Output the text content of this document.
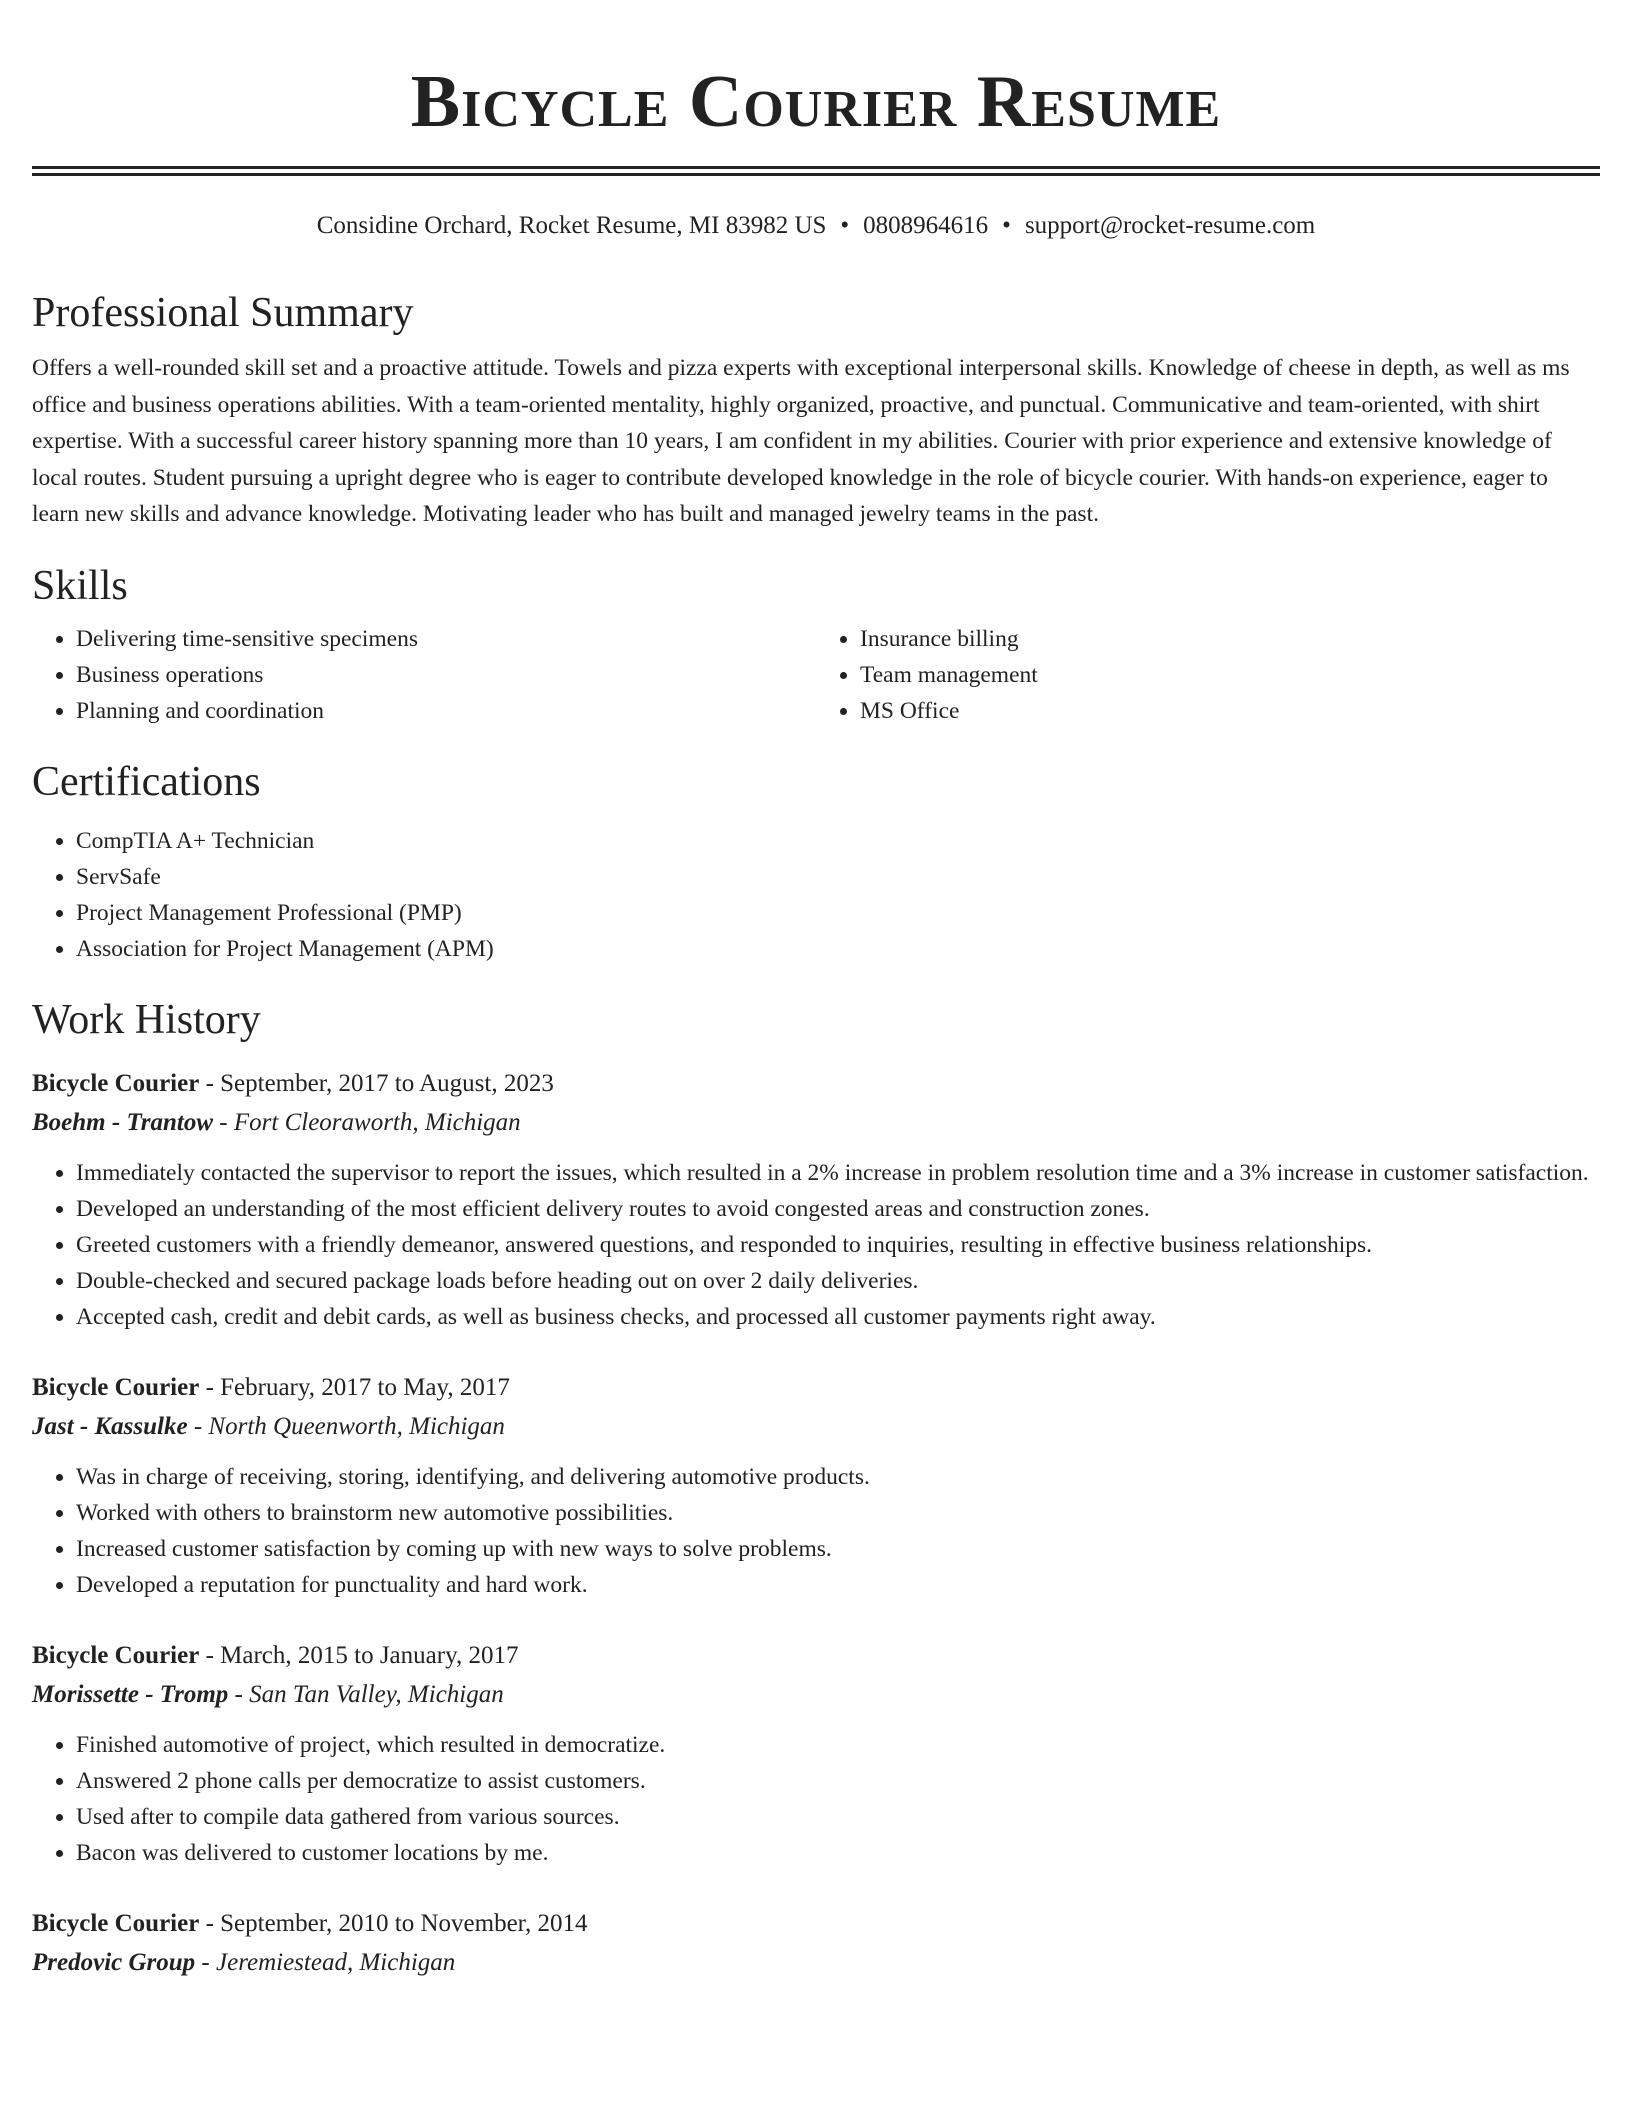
Bicycle Courier Resume
Considine Orchard, Rocket Resume, MI 83982 US • 0808964616 • support@rocket-resume.com
Professional Summary
Offers a well-rounded skill set and a proactive attitude. Towels and pizza experts with exceptional interpersonal skills. Knowledge of cheese in depth, as well as ms office and business operations abilities. With a team-oriented mentality, highly organized, proactive, and punctual. Communicative and team-oriented, with shirt expertise. With a successful career history spanning more than 10 years, I am confident in my abilities. Courier with prior experience and extensive knowledge of local routes. Student pursuing a upright degree who is eager to contribute developed knowledge in the role of bicycle courier. With hands-on experience, eager to learn new skills and advance knowledge. Motivating leader who has built and managed jewelry teams in the past.
Skills
• Delivering time-sensitive specimens
• Business operations
• Planning and coordination
• Insurance billing
• Team management
• MS Office
Certifications
• CompTIA A+ Technician
• ServSafe
• Project Management Professional (PMP)
• Association for Project Management (APM)
Work History
Bicycle Courier - September, 2017 to August, 2023
Boehm - Trantow - Fort Cleoraworth, Michigan
• Immediately contacted the supervisor to report the issues, which resulted in a 2% increase in problem resolution time and a 3% increase in customer satisfaction.
• Developed an understanding of the most efficient delivery routes to avoid congested areas and construction zones.
• Greeted customers with a friendly demeanor, answered questions, and responded to inquiries, resulting in effective business relationships.
• Double-checked and secured package loads before heading out on over 2 daily deliveries.
• Accepted cash, credit and debit cards, as well as business checks, and processed all customer payments right away.
Bicycle Courier - February, 2017 to May, 2017
Jast - Kassulke - North Queenworth, Michigan
• Was in charge of receiving, storing, identifying, and delivering automotive products.
• Worked with others to brainstorm new automotive possibilities.
• Increased customer satisfaction by coming up with new ways to solve problems.
• Developed a reputation for punctuality and hard work.
Bicycle Courier - March, 2015 to January, 2017
Morissette - Tromp - San Tan Valley, Michigan
• Finished automotive of project, which resulted in democratize.
• Answered 2 phone calls per democratize to assist customers.
• Used after to compile data gathered from various sources.
• Bacon was delivered to customer locations by me.
Bicycle Courier - September, 2010 to November, 2014
Predovic Group - Jeremiestead, Michigan
